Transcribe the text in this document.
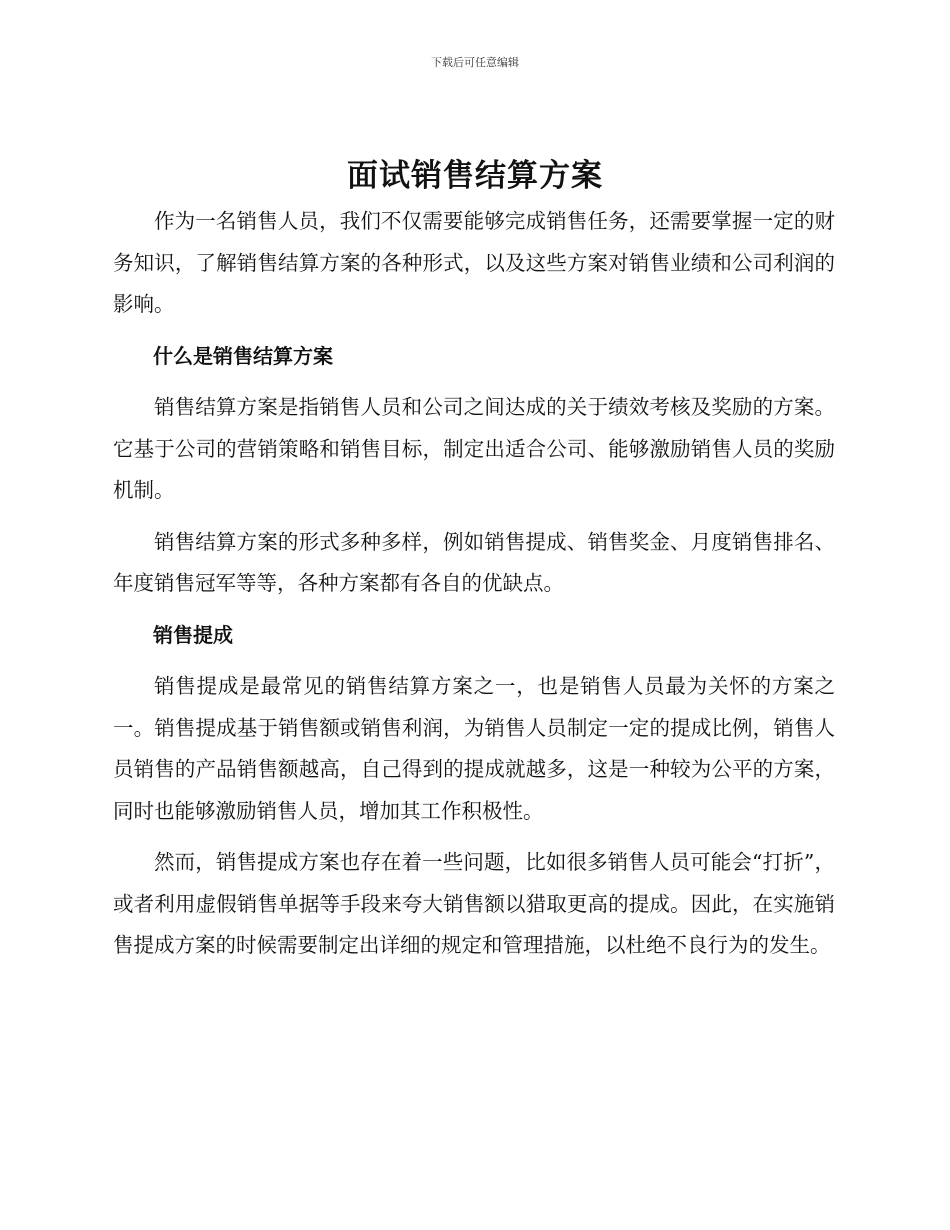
下载后可任意编辑
面试销售结算方案

作为一名销售人员，我们不仅需要能够完成销售任务，还需要掌握一定的财务知识，了解销售结算方案的各种形式，以及这些方案对销售业绩和公司利润的影响。

什么是销售结算方案

销售结算方案是指销售人员和公司之间达成的关于绩效考核及奖励的方案。它基于公司的营销策略和销售目标，制定出适合公司、能够激励销售人员的奖励机制。

销售结算方案的形式多种多样，例如销售提成、销售奖金、月度销售排名、年度销售冠军等等，各种方案都有各自的优缺点。

销售提成

销售提成是最常见的销售结算方案之一，也是销售人员最为关怀的方案之一。销售提成基于销售额或销售利润，为销售人员制定一定的提成比例，销售人员销售的产品销售额越高，自己得到的提成就越多，这是一种较为公平的方案，同时也能够激励销售人员，增加其工作积极性。

然而，销售提成方案也存在着一些问题，比如很多销售人员可能会“打折”，或者利用虚假销售单据等手段来夸大销售额以猎取更高的提成。因此，在实施销售提成方案的时候需要制定出详细的规定和管理措施，以杜绝不良行为的发生。
